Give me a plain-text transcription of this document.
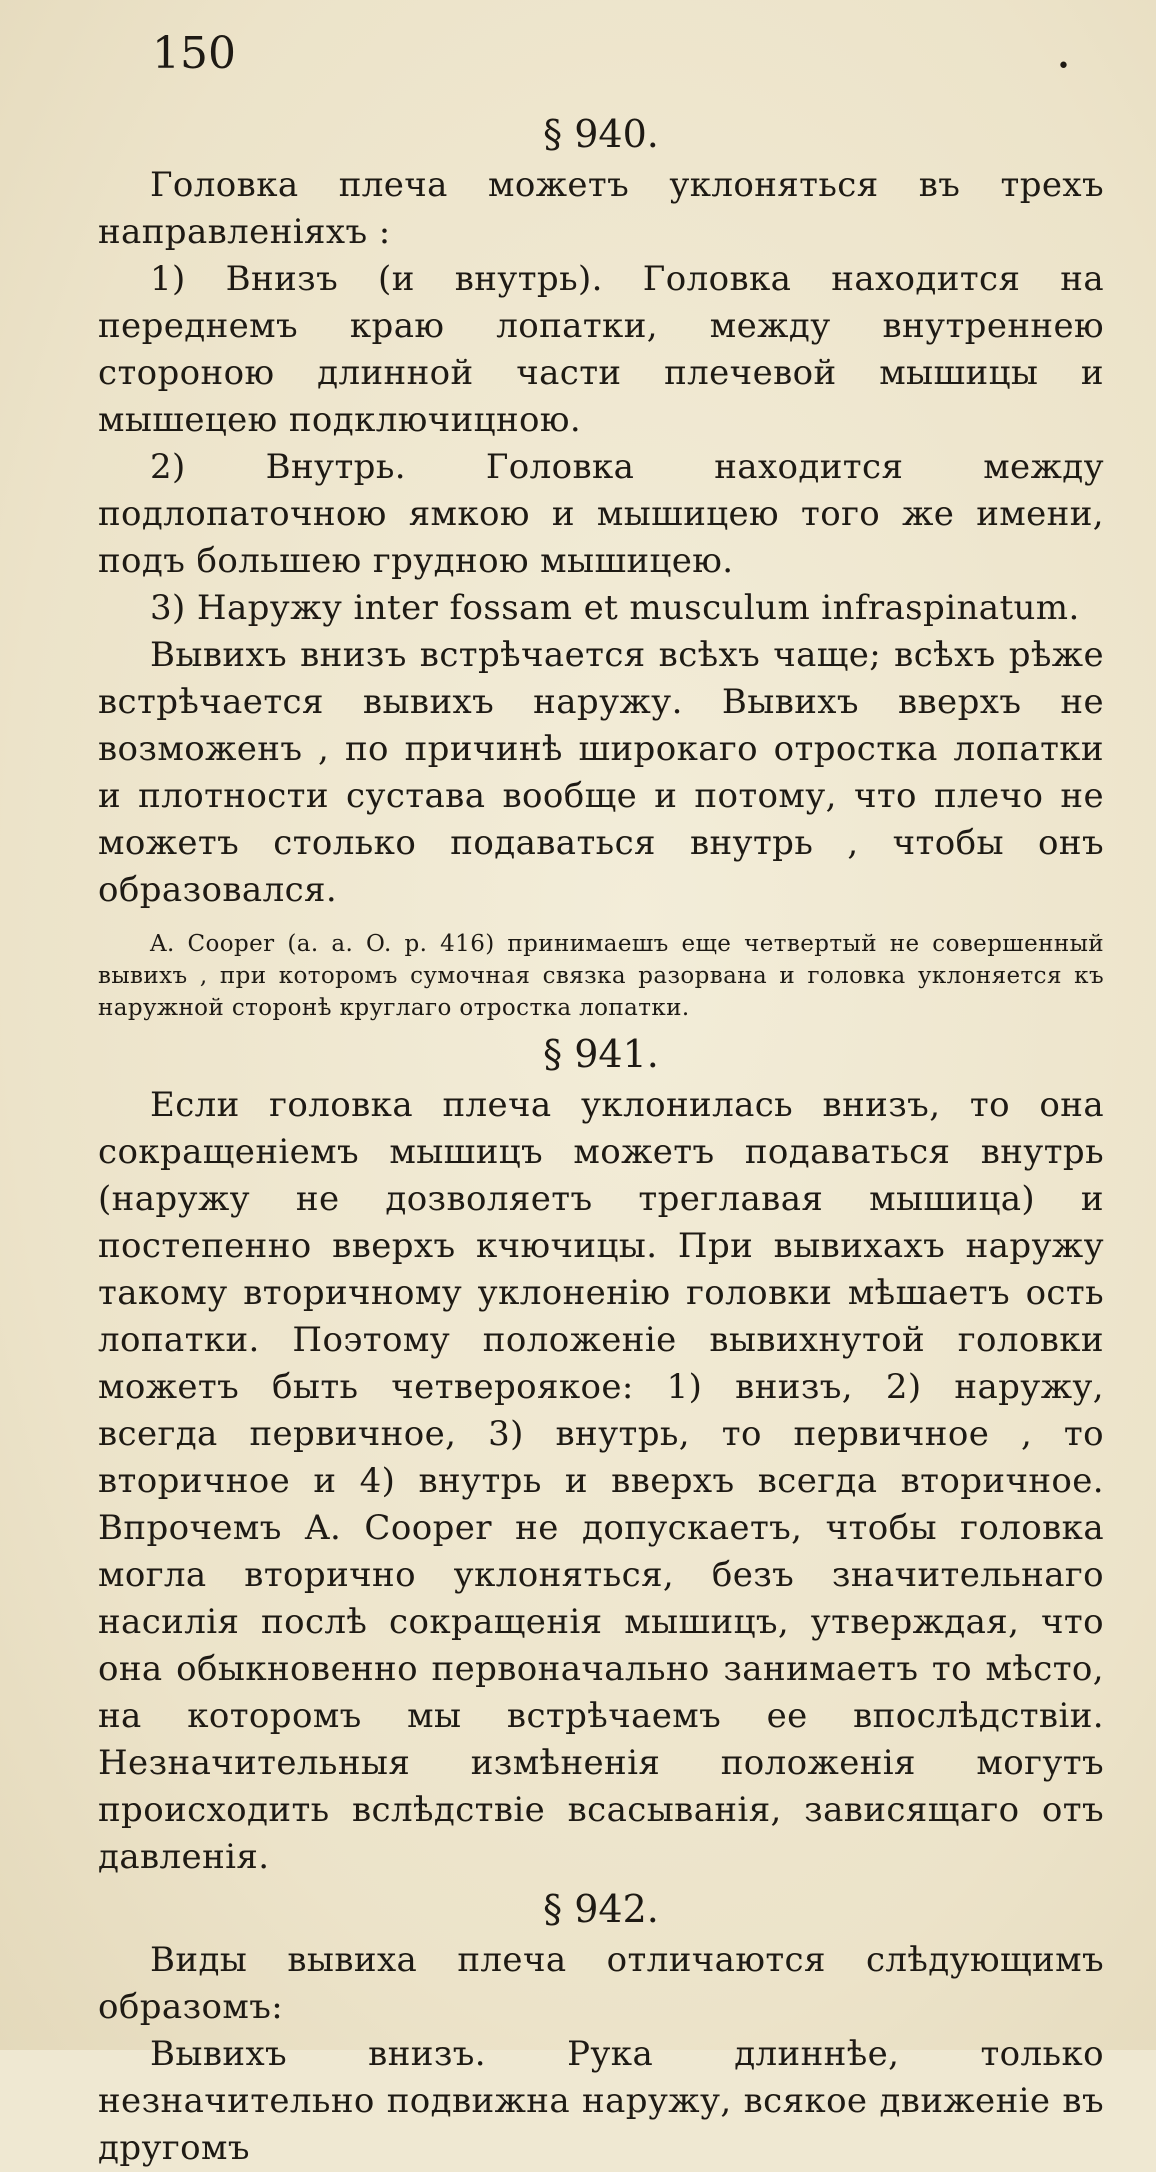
150	•
§ 940.

Головка плеча можетъ уклоняться въ трехъ направленіяхъ :

1) Внизъ (и внутрь). Головка находится на переднемъ краю лопатки, между внутреннею стороною длинной части плечевой мышицы и мышецею подключицною.

2) Внутрь. Головка находится между подлопаточною ямкою и мышицею того же имени, подъ большею грудною мышицею.

3) Наружу inter fossam et musculum infraspinatum.

Вывихъ внизъ встрѣчается всѣхъ чаще; всѣхъ рѣже встрѣчается вывихъ наружу. Вывихъ вверхъ не возможенъ , по причинѣ широкаго отростка лопатки и плотности сустава вообще и потому, что плечо не можетъ столько подаваться внутрь , чтобы онъ образовался.

A. Cooper (a. a. O. p. 416) принимаешъ еще четвертый не совершенный вывихъ , при которомъ сумочная связка разорвана и головка уклоняется къ наружной сторонѣ круглаго отростка лопатки.

§ 941.

Если головка плеча уклонилась внизъ, то она сокращеніемъ мышицъ можетъ подаваться внутрь (наружу не дозволяетъ треглавая мышица) и постепенно вверхъ кчючицы. При вывихахъ наружу такому вторичному уклоненію головки мѣшаетъ ость лопатки. Поэтому положеніе вывихнутой головки можетъ быть четвероякое: 1) внизъ, 2) наружу, всегда первичное, 3) внутрь, то первичное , то вторичное и 4) внутрь и вверхъ всегда вторичное. Впрочемъ A. Cooper не допускаетъ, чтобы головка могла вторично уклоняться, безъ значительнаго насилія послѣ сокращенія мышицъ, утверждая, что она обыкновенно первоначально занимаетъ то мѣсто, на которомъ мы встрѣчаемъ ее впослѣдствіи. Незначительныя измѣненія положенія могутъ происходить вслѣдствіе всасыванія, зависящаго отъ давленія.

§ 942.

Виды вывиха плеча отличаются слѣдующимъ образомъ:

Вывихъ внизъ. Рука длиннѣе, только незначительно подвижна наружу, всякое движеніе въ другомъ
